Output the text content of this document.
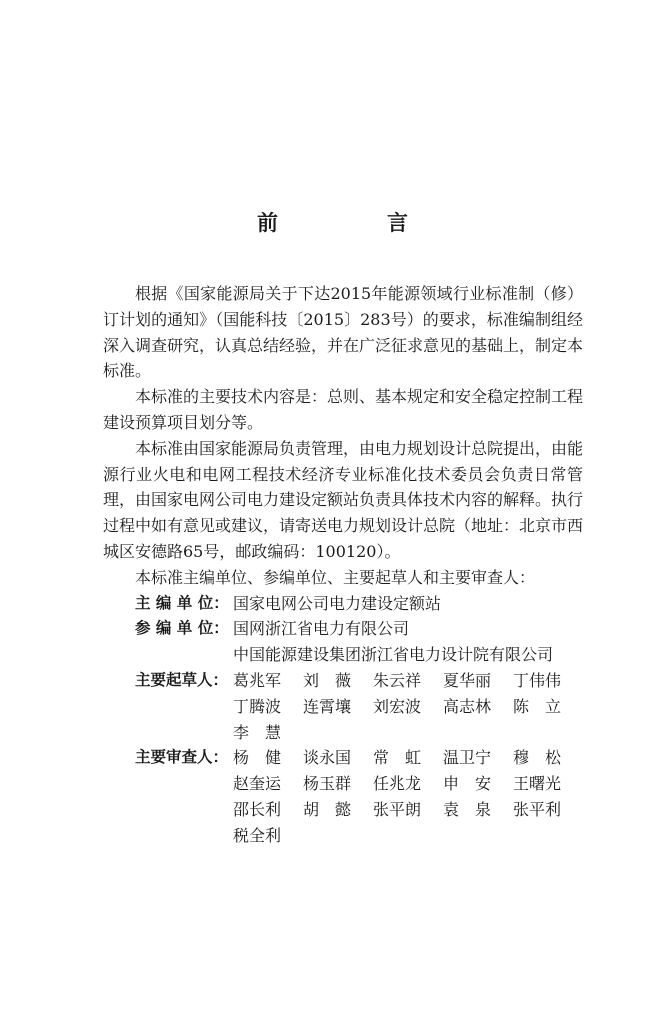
前　言

根据《国家能源局关于下达2015年能源领域行业标准制（修）订计划的通知》（国能科技〔2015〕283号）的要求，标准编制组经深入调查研究，认真总结经验，并在广泛征求意见的基础上，制定本标准。

本标准的主要技术内容是：总则、基本规定和安全稳定控制工程建设预算项目划分等。

本标准由国家能源局负责管理，由电力规划设计总院提出，由能源行业火电和电网工程技术经济专业标准化技术委员会负责日常管理，由国家电网公司电力建设定额站负责具体技术内容的解释。执行过程中如有意见或建议，请寄送电力规划设计总院（地址：北京市西城区安德路65号，邮政编码：100120）。

本标准主编单位、参编单位、主要起草人和主要审查人：

主 编 单 位： 国家电网公司电力建设定额站
参 编 单 位： 国网浙江省电力有限公司
中国能源建设集团浙江省电力设计院有限公司
主要起草人： 葛兆军	刘　薇	朱云祥	夏华丽	丁伟伟
丁腾波	连霄壤	刘宏波	高志林	陈　立
李　慧
主要审查人： 杨　健	谈永国	常　虹	温卫宁	穆　松
赵奎运	杨玉群	任兆龙	申　安	王曙光
邵长利	胡　懿	张平朗	袁　泉	张平利
税全利
